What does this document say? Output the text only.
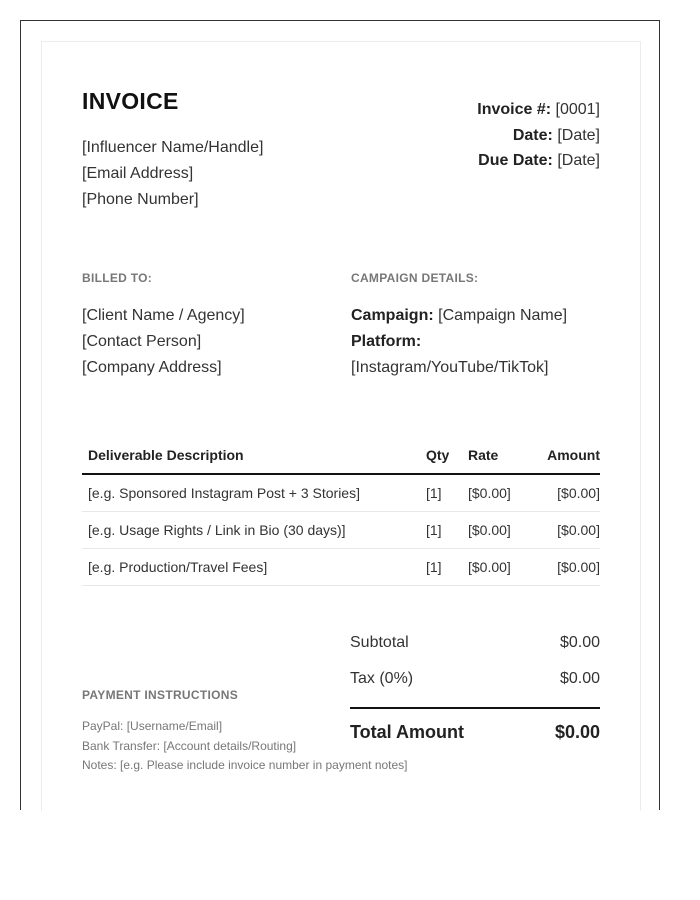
INVOICE
[Influencer Name/Handle]
[Email Address]
[Phone Number]
Invoice #: [0001]
Date: [Date]
Due Date: [Date]
BILLED TO:
[Client Name / Agency]
[Contact Person]
[Company Address]
CAMPAIGN DETAILS:
Campaign: [Campaign Name]
Platform:
[Instagram/YouTube/TikTok]
Deliverable Description	Qty	Rate	Amount
[e.g. Sponsored Instagram Post + 3 Stories]	[1]	[$0.00]	[$0.00]
[e.g. Usage Rights / Link in Bio (30 days)]	[1]	[$0.00]	[$0.00]
[e.g. Production/Travel Fees]	[1]	[$0.00]	[$0.00]
Subtotal	$0.00
Tax (0%)	$0.00
Total Amount	$0.00
PAYMENT INSTRUCTIONS
PayPal: [Username/Email]
Bank Transfer: [Account details/Routing]
Notes: [e.g. Please include invoice number in payment notes]
